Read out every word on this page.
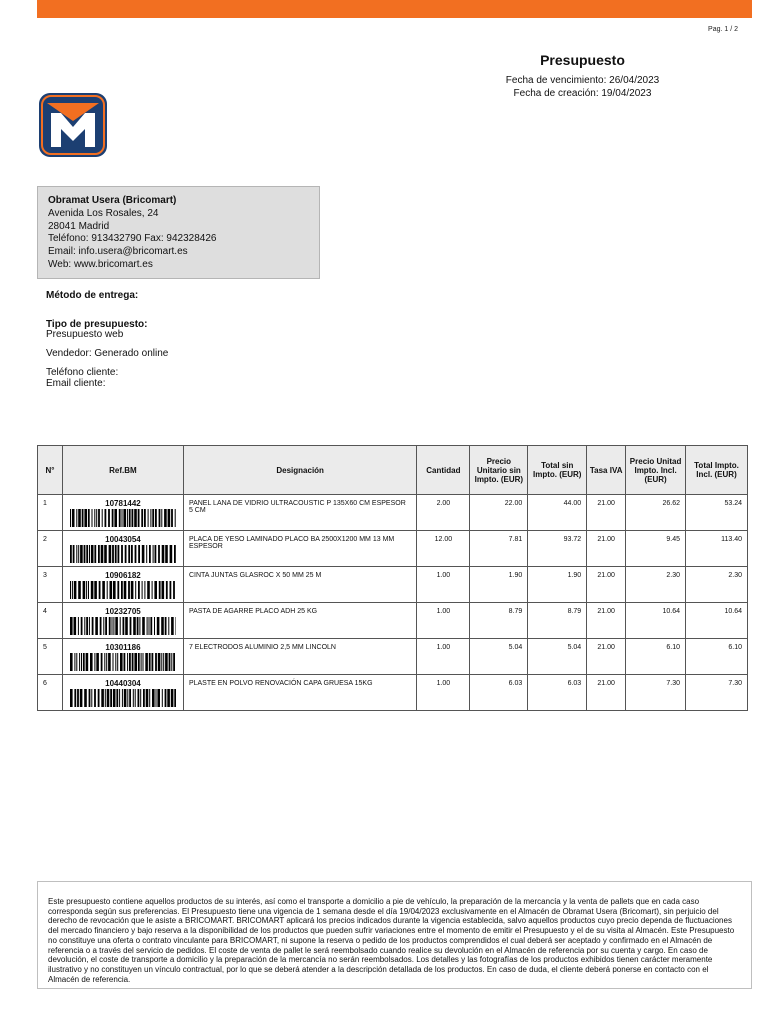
Pag. 1 / 2
Presupuesto
Fecha de vencimiento: 26/04/2023
Fecha de creación: 19/04/2023
Obramat Usera (Bricomart)
Avenida Los Rosales, 24
28041 Madrid
Teléfono: 913432790 Fax: 942328426
Email: info.usera@bricomart.es
Web: www.bricomart.es
Método de entrega:
Tipo de presupuesto:
Presupuesto web
Vendedor: Generado online
Teléfono cliente:
Email cliente:
N°	Ref.BM	Designación	Cantidad	Precio Unitario sin Impto. (EUR)	Total sin Impto. (EUR)	Tasa IVA	Precio Unitad Impto. Incl. (EUR)	Total Impto. Incl. (EUR)
1	10781442	PANEL LANA DE VIDRIO ULTRACOUSTIC P 135X60 CM ESPESOR 5 CM	2.00	22.00	44.00	21.00	26.62	53.24
2	10043054	PLACA DE YESO LAMINADO PLACO BA 2500X1200 MM 13 MM ESPESOR	12.00	7.81	93.72	21.00	9.45	113.40
3	10906182	CINTA JUNTAS GLASROC X 50 MM 25 M	1.00	1.90	1.90	21.00	2.30	2.30
4	10232705	PASTA DE AGARRE PLACO ADH 25 KG	1.00	8.79	8.79	21.00	10.64	10.64
5	10301186	7 ELECTRODOS ALUMINIO 2,5 MM LINCOLN	1.00	5.04	5.04	21.00	6.10	6.10
6	10440304	PLASTE EN POLVO RENOVACIÓN CAPA GRUESA 15KG	1.00	6.03	6.03	21.00	7.30	7.30
Este presupuesto contiene aquellos productos de su interés, así como el transporte a domicilio a pie de vehículo, la preparación de la mercancía y la venta de pallets que en cada caso corresponda según sus preferencias. El Presupuesto tiene una vigencia de 1 semana desde el día 19/04/2023 exclusivamente en el Almacén de Obramat Usera (Bricomart), sin perjuicio del derecho de revocación que le asiste a BRICOMART. BRICOMART aplicará los precios indicados durante la vigencia establecida, salvo aquellos productos cuyo precio dependa de fluctuaciones del mercado financiero y bajo reserva a la disponibilidad de los productos que pueden sufrir variaciones entre el momento de emitir el Presupuesto y el de su visita al Almacén. Este Presupuesto no constituye una oferta o contrato vinculante para BRICOMART, ni supone la reserva o pedido de los productos comprendidos el cual deberá ser aceptado y confirmado en el Almacén de referencia o a través del servicio de pedidos. El coste de venta de pallet le será reembolsado cuando realice su devolución en el Almacén de referencia por su cuenta y cargo. En caso de devolución, el coste de transporte a domicilio y la preparación de la mercancía no serán reembolsados. Los detalles y las fotografías de los productos exhibidos tienen carácter meramente ilustrativo y no constituyen un vínculo contractual, por lo que se deberá atender a la descripción detallada de los productos. En caso de duda, el cliente deberá ponerse en contacto con el Almacén de referencia.
